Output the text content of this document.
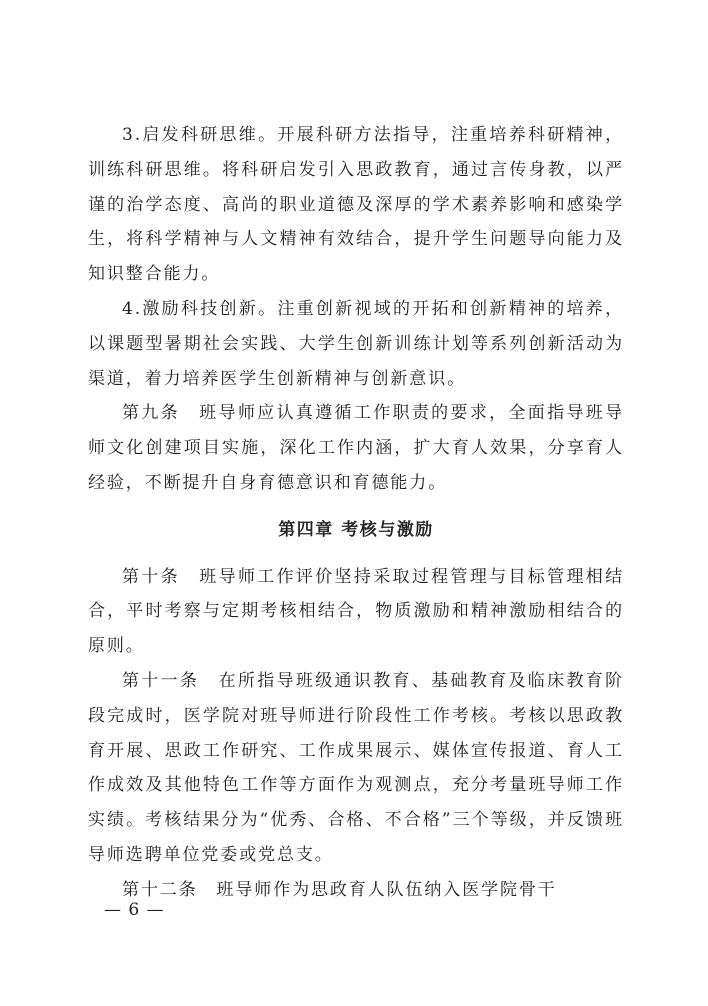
3.启发科研思维。开展科研方法指导，注重培养科研精神，训练科研思维。将科研启发引入思政教育，通过言传身教，以严谨的治学态度、高尚的职业道德及深厚的学术素养影响和感染学生，将科学精神与人文精神有效结合，提升学生问题导向能力及知识整合能力。

4.激励科技创新。注重创新视域的开拓和创新精神的培养，以课题型暑期社会实践、大学生创新训练计划等系列创新活动为渠道，着力培养医学生创新精神与创新意识。

第九条　班导师应认真遵循工作职责的要求，全面指导班导师文化创建项目实施，深化工作内涵，扩大育人效果，分享育人经验，不断提升自身育德意识和育德能力。

第四章 考核与激励

第十条　班导师工作评价坚持采取过程管理与目标管理相结合，平时考察与定期考核相结合，物质激励和精神激励相结合的原则。

第十一条　在所指导班级通识教育、基础教育及临床教育阶段完成时，医学院对班导师进行阶段性工作考核。考核以思政教育开展、思政工作研究、工作成果展示、媒体宣传报道、育人工作成效及其他特色工作等方面作为观测点，充分考量班导师工作实绩。考核结果分为“优秀、合格、不合格”三个等级，并反馈班导师选聘单位党委或党总支。

第十二条　班导师作为思政育人队伍纳入医学院骨干

— 6 —
